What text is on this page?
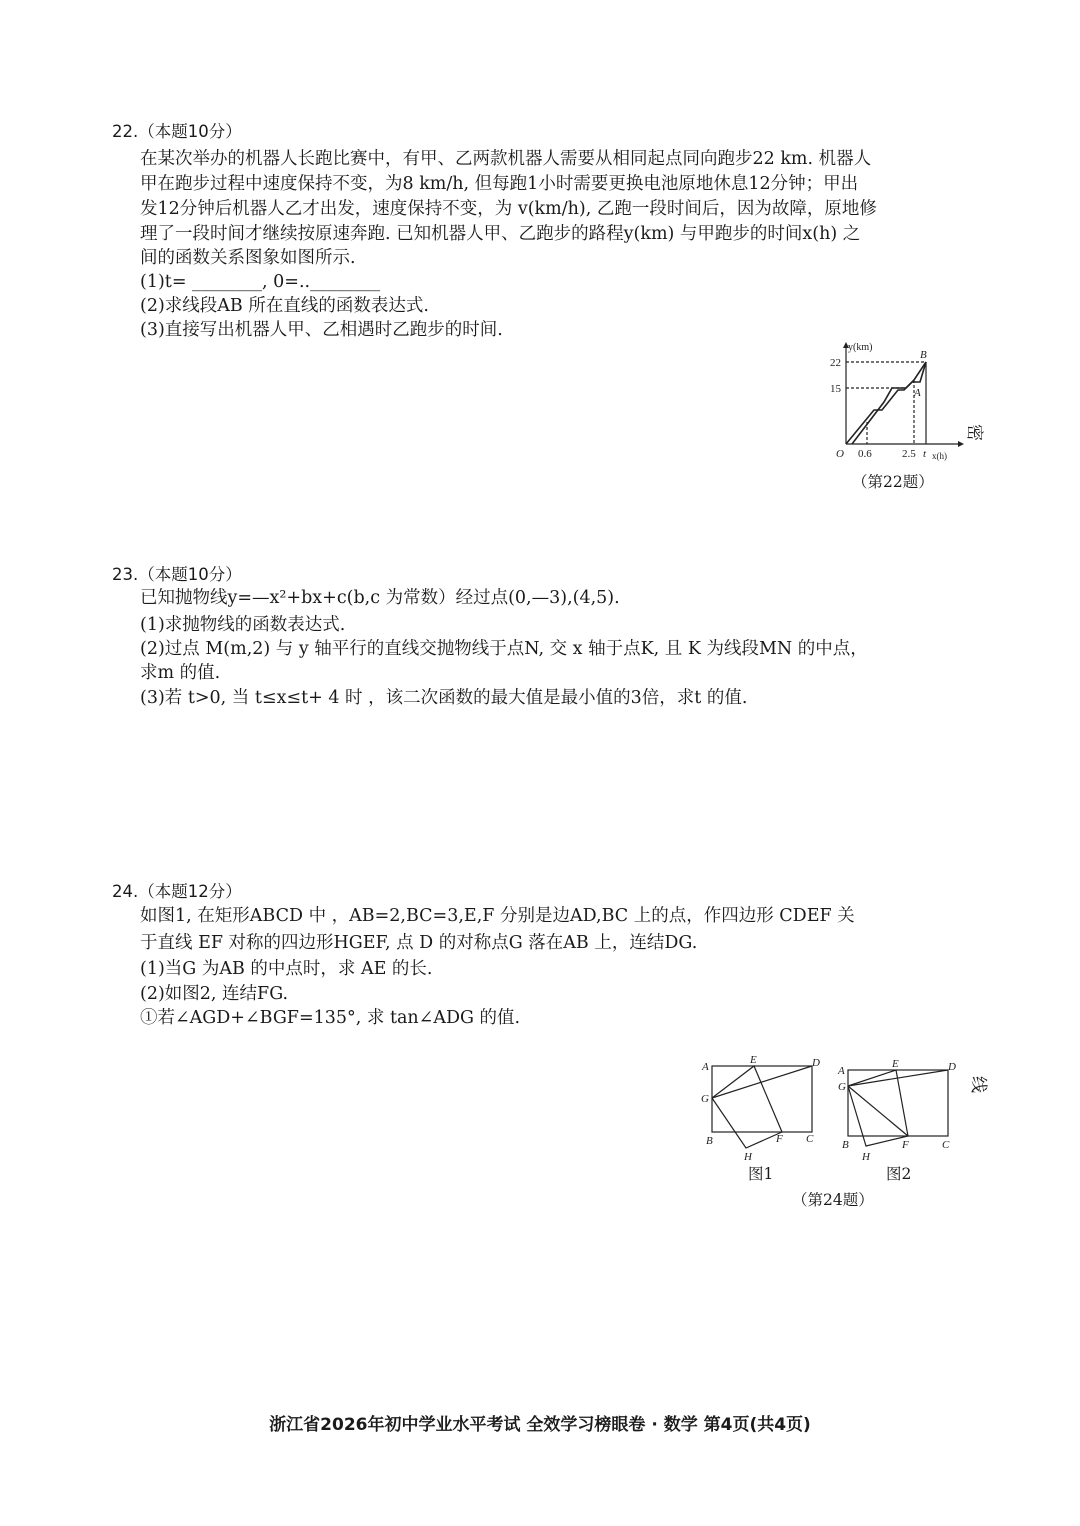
22.（本题10分）
在某次举办的机器人长跑比赛中，有甲、乙两款机器人需要从相同起点同向跑步22 km. 机器人
甲在跑步过程中速度保持不变，为8 km/h, 但每跑1小时需要更换电池原地休息12分钟；甲出
发12分钟后机器人乙才出发，速度保持不变，为 v(km/h), 乙跑一段时间后，因为故障，原地修
理了一段时间才继续按原速奔跑. 已知机器人甲、乙跑步的路程y(km) 与甲跑步的时间x(h) 之
间的函数关系图象如图所示.
(1)t= ________, 0=..________
(2)求线段AB 所在直线的函数表达式.
(3)直接写出机器人甲、乙相遇时乙跑步的时间.
y(km)
22
15
O 0.6	2.5 t x(h)
A
B
（第22题）
密
23.（本题10分）
已知抛物线y=—x²+bx+c(b,c 为常数）经过点(0,—3),(4,5).
(1)求抛物线的函数表达式.
(2)过点 M(m,2) 与 y 轴平行的直线交抛物线于点N, 交 x 轴于点K, 且 K 为线段MN 的中点，
求m 的值.
(3)若 t>0, 当 t≤x≤t+ 4 时 ，该二次函数的最大值是最小值的3倍，求t 的值.
24.（本题12分）
如图1, 在矩形ABCD 中 ，AB=2,BC=3,E,F 分别是边AD,BC 上的点，作四边形 CDEF 关
于直线 EF 对称的四边形HGEF, 点 D 的对称点G 落在AB 上，连结DG.
(1)当G 为AB 的中点时，求 AE 的长.
(2)如图2, 连结FG.
①若∠AGD+∠BGF=135°, 求 tan∠ADG 的值.
A
E	D
G
B	F C
H
图1
A
E	D
G
B	F	C
H
图2
（第24题）
线
浙江省2026年初中学业水平考试 全效学习榜眼卷 · 数学 第4页(共4页)
